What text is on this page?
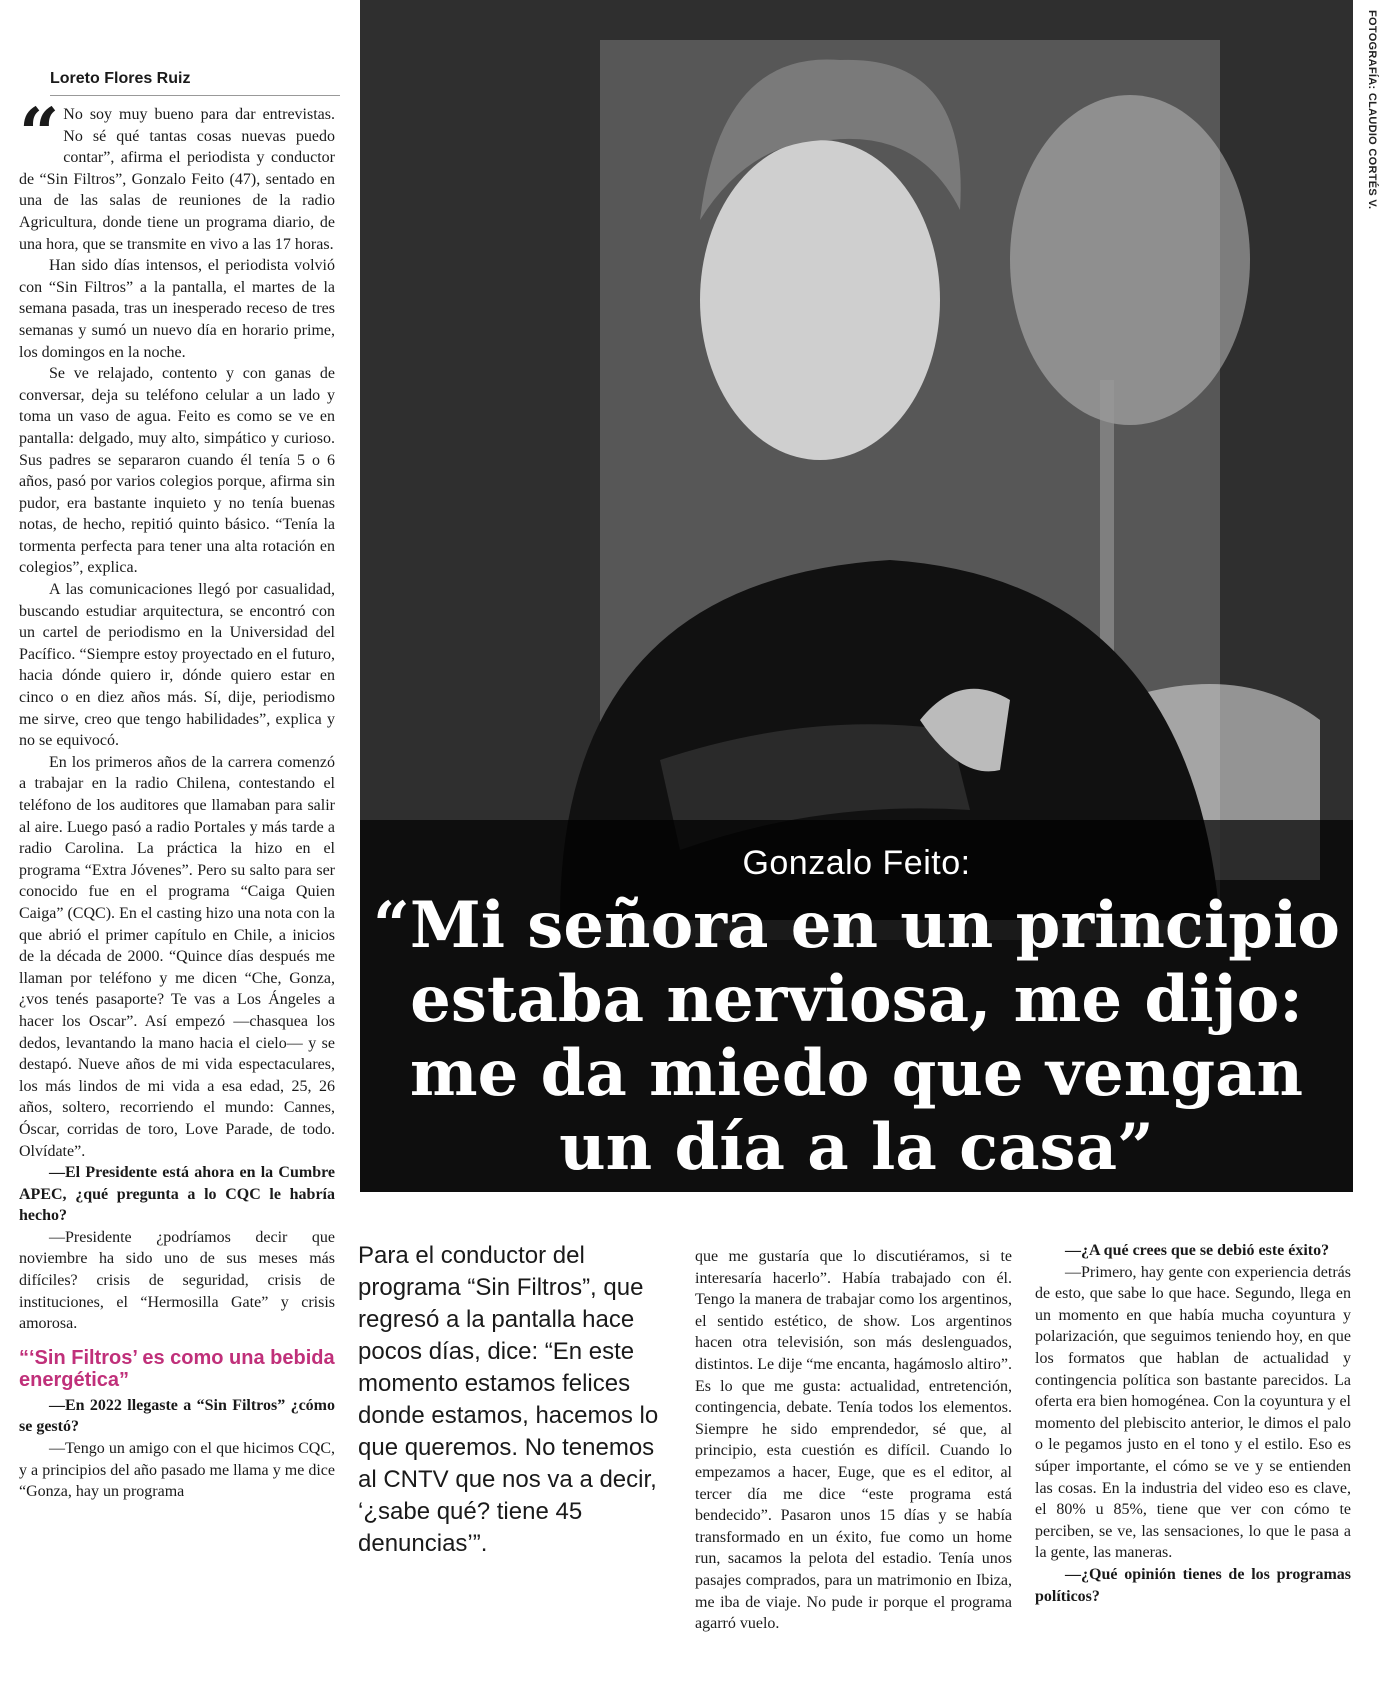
Loreto Flores Ruiz

“ No soy muy bueno para dar entrevistas. No sé qué tantas cosas nuevas puedo contar”, afirma el periodista y conductor de “Sin Filtros”, Gonzalo Feito (47), sentado en una de las salas de reuniones de la radio Agricultura, donde tiene un programa diario, de una hora, que se transmite en vivo a las 17 horas.

Han sido días intensos, el periodista volvió con “Sin Filtros” a la pantalla, el martes de la semana pasada, tras un inesperado receso de tres semanas y sumó un nuevo día en horario prime, los domingos en la noche.

Se ve relajado, contento y con ganas de conversar, deja su teléfono celular a un lado y toma un vaso de agua. Feito es como se ve en pantalla: delgado, muy alto, simpático y curioso. Sus padres se separaron cuando él tenía 5 o 6 años, pasó por varios colegios porque, afirma sin pudor, era bastante inquieto y no tenía buenas notas, de hecho, repitió quinto básico. “Tenía la tormenta perfecta para tener una alta rotación en colegios”, explica.

A las comunicaciones llegó por casualidad, buscando estudiar arquitectura, se encontró con un cartel de periodismo en la Universidad del Pacífico. “Siempre estoy proyectado en el futuro, hacia dónde quiero ir, dónde quiero estar en cinco o en diez años más. Sí, dije, periodismo me sirve, creo que tengo habilidades”, explica y no se equivocó.

En los primeros años de la carrera comenzó a trabajar en la radio Chilena, contestando el teléfono de los auditores que llamaban para salir al aire. Luego pasó a radio Portales y más tarde a radio Carolina. La práctica la hizo en el programa “Extra Jóvenes”. Pero su salto para ser conocido fue en el programa “Caiga Quien Caiga” (CQC). En el casting hizo una nota con la que abrió el primer capítulo en Chile, a inicios de la década de 2000. “Quince días después me llaman por teléfono y me dicen “Che, Gonza, ¿vos tenés pasaporte? Te vas a Los Ángeles a hacer los Oscar”. Así empezó —chasquea los dedos, levantando la mano hacia el cielo— y se destapó. Nueve años de mi vida espectaculares, los más lindos de mi vida a esa edad, 25, 26 años, soltero, recorriendo el mundo: Cannes, Óscar, corridas de toro, Love Parade, de todo. Olvídate”.

—El Presidente está ahora en la Cumbre APEC, ¿qué pregunta a lo CQC le habría hecho?

—Presidente ¿podríamos decir que noviembre ha sido uno de sus meses más difíciles? crisis de seguridad, crisis de instituciones, el “Hermosilla Gate” y crisis amorosa.

“‘Sin Filtros’ es como una bebida energética”

—En 2022 llegaste a “Sin Filtros” ¿cómo se gestó?

—Tengo un amigo con el que hicimos CQC, y a principios del año pasado me llama y me dice “Gonza, hay un programa

Gonzalo Feito:
“Mi señora en un principio estaba nerviosa, me dijo: me da miedo que vengan un día a la casa”
FOTOGRAFÍA: CLAUDIO CORTÉS V.
Para el conductor del programa “Sin Filtros”, que regresó a la pantalla hace pocos días, dice: “En este momento estamos felices donde estamos, hacemos lo que queremos. No tenemos al CNTV que nos va a decir, ‘¿sabe qué? tiene 45 denuncias’”.

que me gustaría que lo discutiéramos, si te interesaría hacerlo”. Había trabajado con él. Tengo la manera de trabajar como los argentinos, el sentido estético, de show. Los argentinos hacen otra televisión, son más deslenguados, distintos. Le dije “me encanta, hagámoslo altiro”. Es lo que me gusta: actualidad, entretención, contingencia, debate. Tenía todos los elementos. Siempre he sido emprendedor, sé que, al principio, esta cuestión es difícil. Cuando lo empezamos a hacer, Euge, que es el editor, al tercer día me dice “este programa está bendecido”. Pasaron unos 15 días y se había transformado en un éxito, fue como un home run, sacamos la pelota del estadio. Tenía unos pasajes comprados, para un matrimonio en Ibiza, me iba de viaje. No pude ir porque el programa agarró vuelo.

—¿A qué crees que se debió este éxito?

—Primero, hay gente con experiencia detrás de esto, que sabe lo que hace. Segundo, llega en un momento en que había mucha coyuntura y polarización, que seguimos teniendo hoy, en que los formatos que hablan de actualidad y contingencia política son bastante parecidos. La oferta era bien homogénea. Con la coyuntura y el momento del plebiscito anterior, le dimos el palo o le pegamos justo en el tono y el estilo. Eso es súper importante, el cómo se ve y se entienden las cosas. En la industria del video eso es clave, el 80% u 85%, tiene que ver con cómo te perciben, se ve, las sensaciones, lo que le pasa a la gente, las maneras.

—¿Qué opinión tienes de los programas políticos?
